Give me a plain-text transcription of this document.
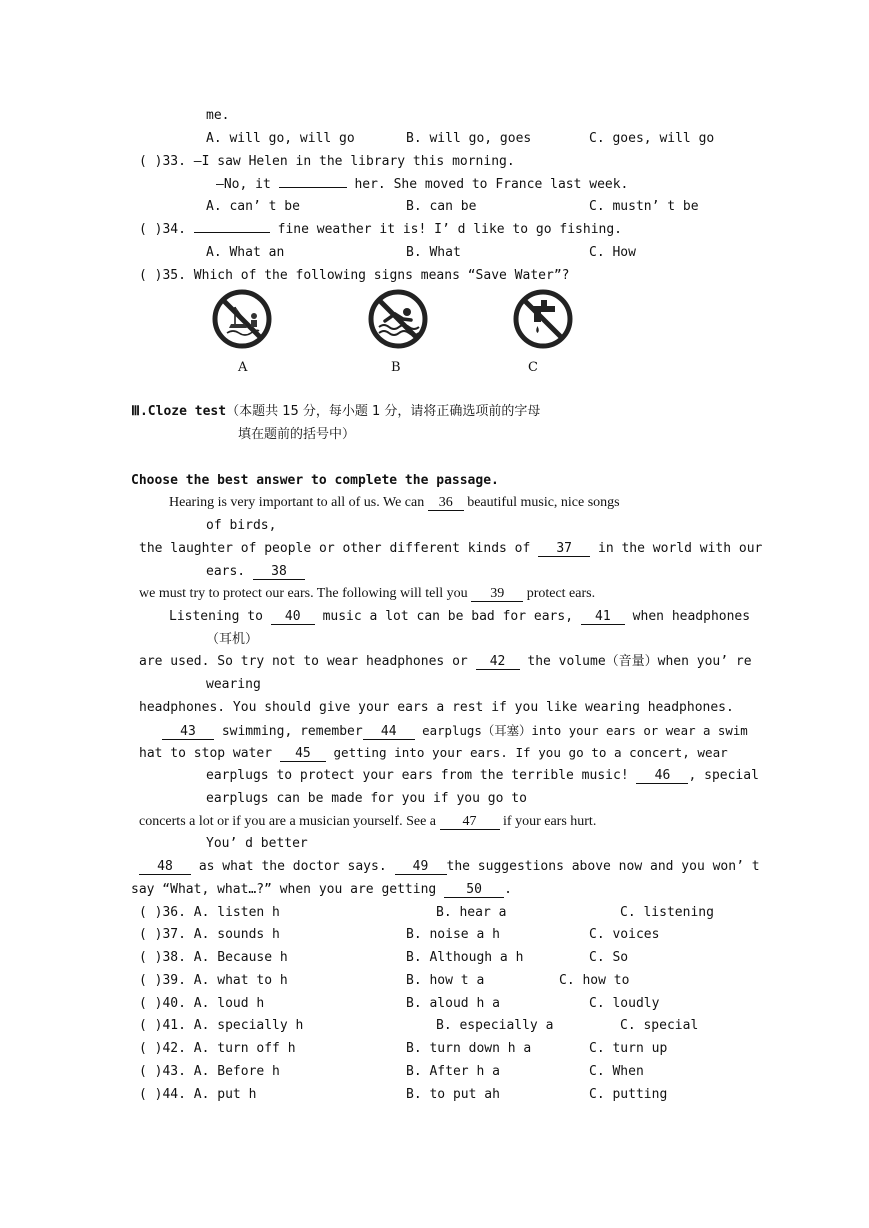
me.
A. will go, will go	B. will go, goes	C. goes, will go
( )33. —I saw Helen in the library this morning.
—No, it	her. She moved to France last week.
A. can’ t be	B. can be	C. mustn’ t be
( )34.	fine weather it is! I’ d like to go fishing.
A. What an	B. What	C. How
( )35. Which of the following signs means “Save Water”?
A	B	C
Ⅲ.Cloze test（本题共 15 分，每小题 1 分，请将正确选项前的字母
填在题前的括号中）
Choose the best answer to complete the passage.
Hearing is very important to all of us. We can 36 beautiful music, nice songs
of birds,
the laughter of people or other different kinds of 37 in the world with our
ears. 38
we must try to protect our ears. The following will tell you 39 protect ears.
Listening to 40 music a lot can be bad for ears, 41 when headphones
（耳机）
are used. So try not to wear headphones or 42 the volume（音量）when you’ re
wearing
headphones. You should give your ears a rest if you like wearing headphones.
43 swimming, remember 44 earplugs（耳塞）into your ears or wear a swim
hat to stop water 45 getting into your ears. If you go to a concert, wear
earplugs to protect your ears from the terrible music! 46 , special
earplugs can be made for you if you go to
concerts a lot or if you are a musician yourself. See a 47 if your ears hurt.
You’ d better
48 as what the doctor says. 49 the suggestions above now and you won’ t
say “What, what…?” when you are getting 50 .
( )36. A. listen h	B. hear a	C. listening
( )37. A. sounds h	B. noise a h	C. voices
( )38. A. Because h	B. Although a h	C. So
( )39. A. what to h	B. how t a	C. how to
( )40. A. loud h	B. aloud h a	C. loudly
( )41. A. specially h	B. especially a	C. special
( )42. A. turn off h	B. turn down h a	C. turn up
( )43. A. Before h	B. After h a	C. When
( )44. A. put h	B. to put ah	C. putting
